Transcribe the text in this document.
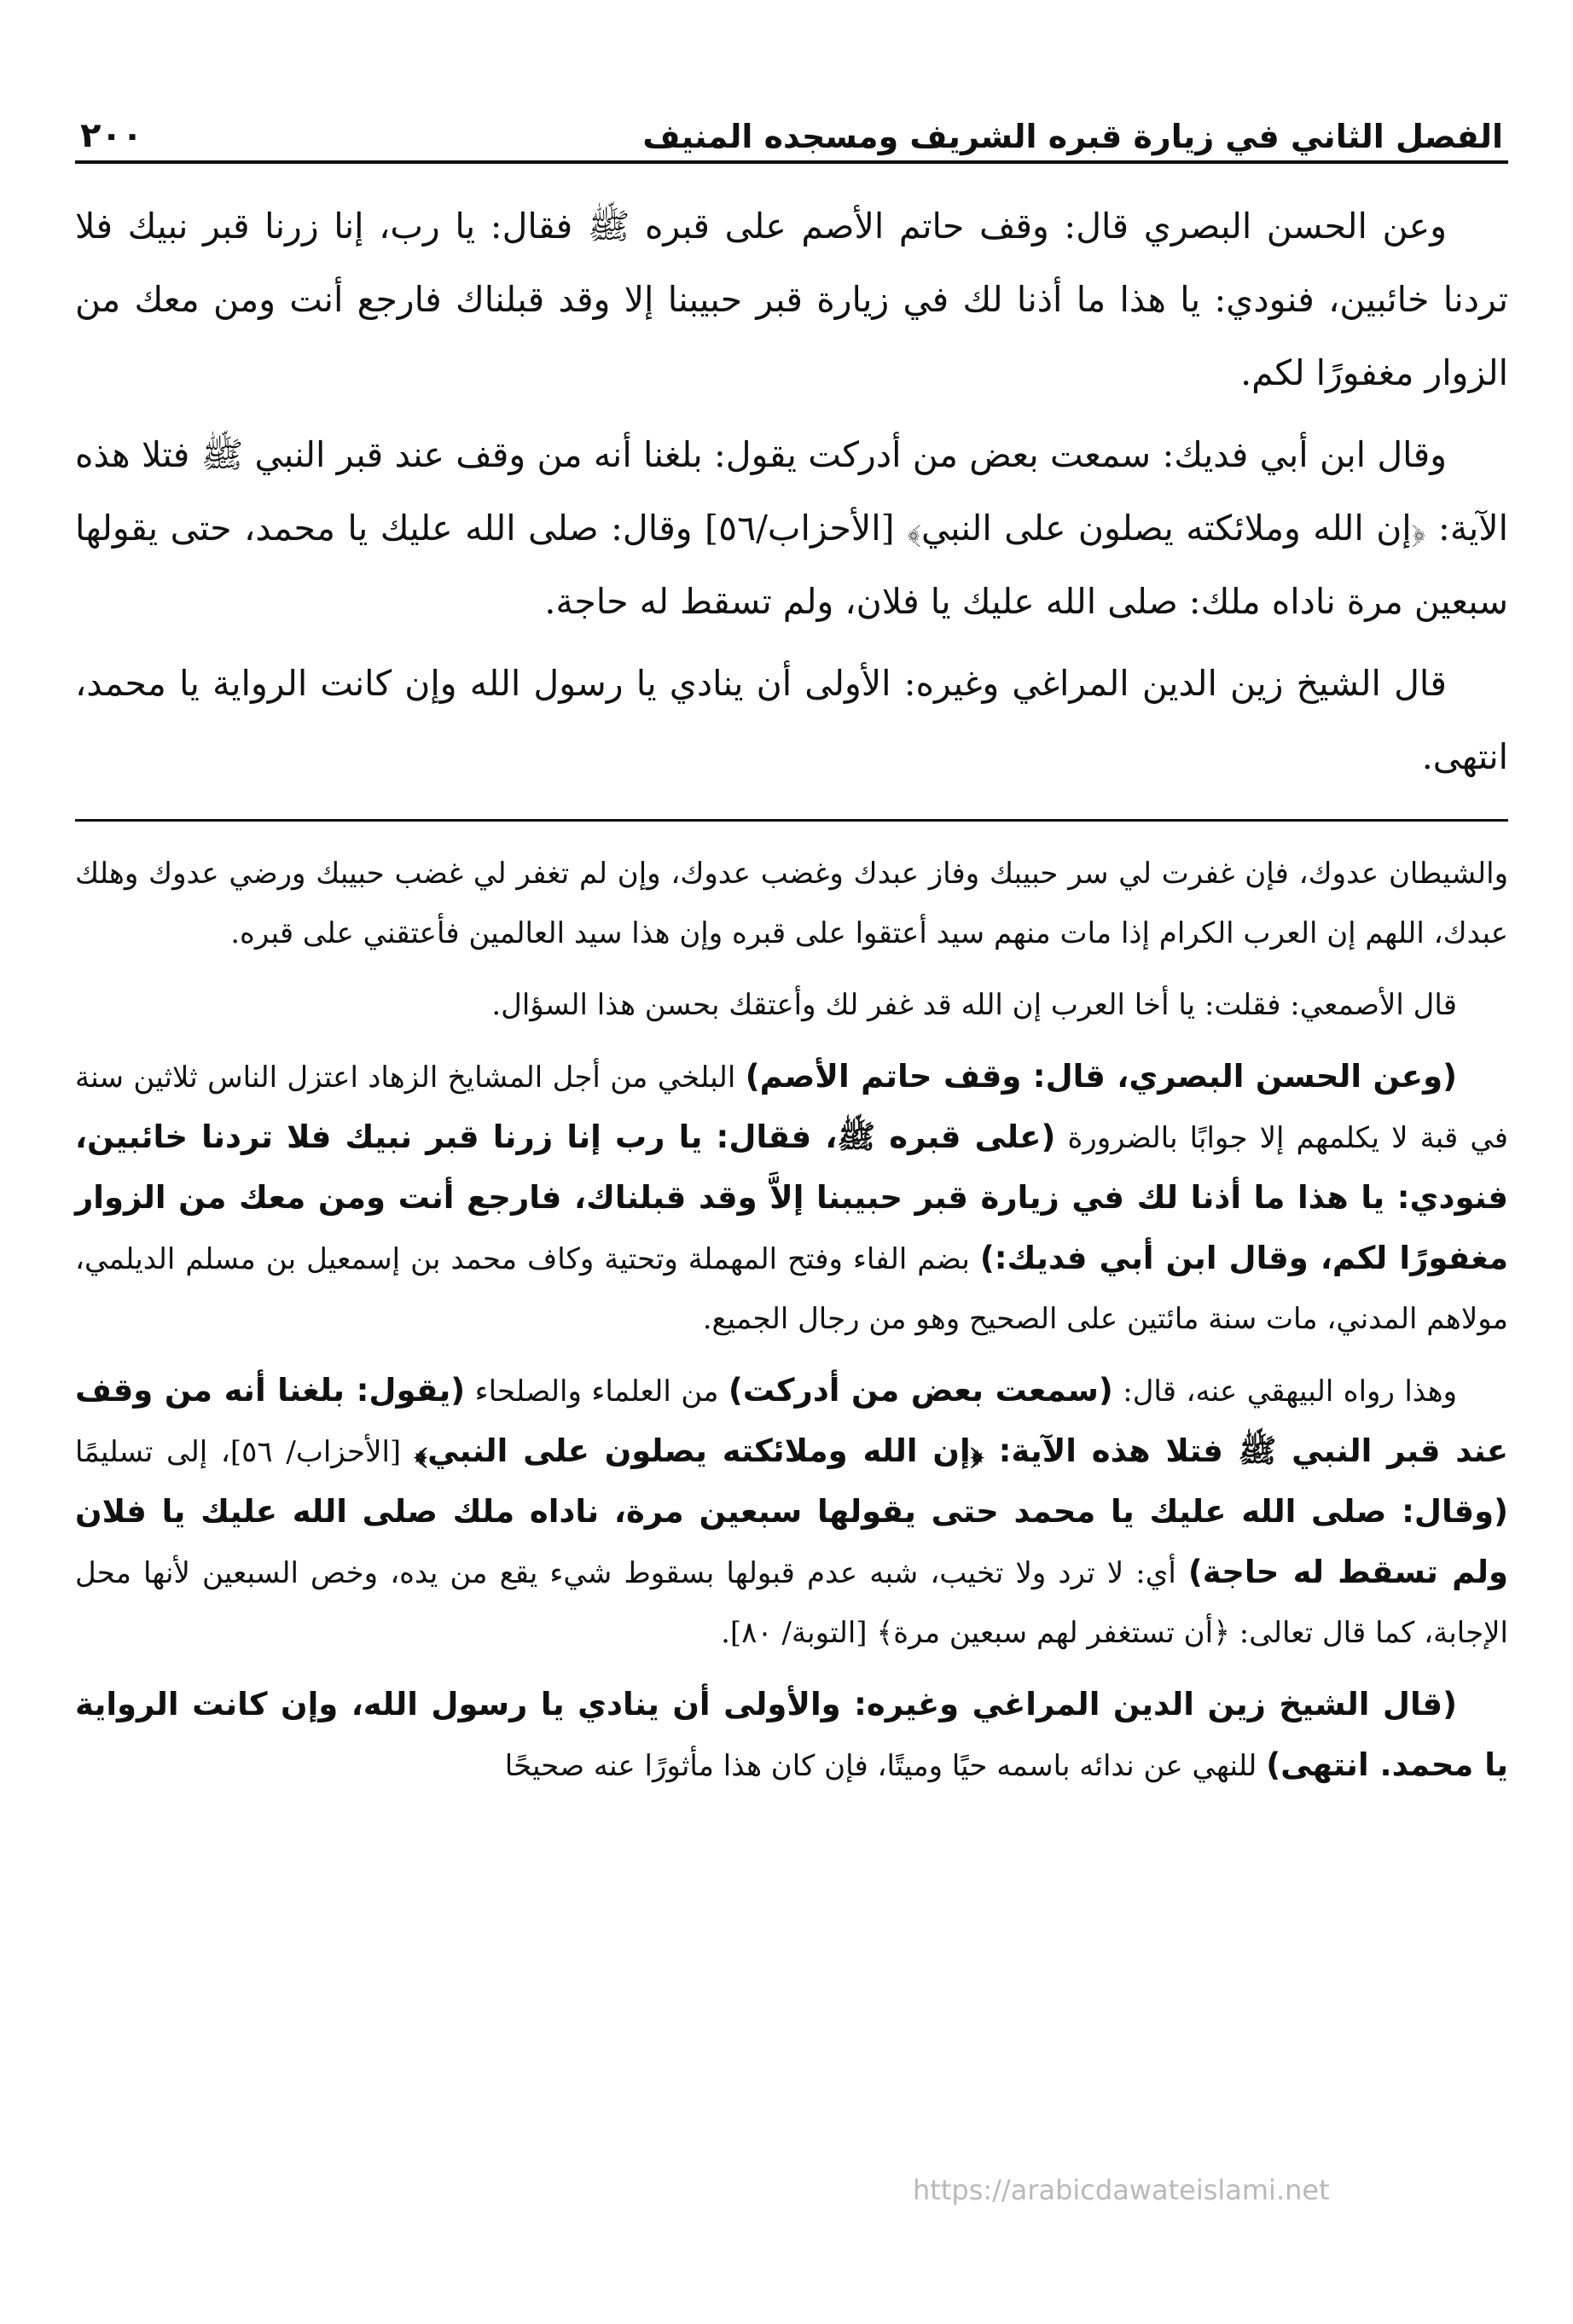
الفصل الثاني في زيارة قبره الشريف ومسجده المنيف
٢٠٠

وعن الحسن البصري قال: وقف حاتم الأصم على قبره ﷺ فقال: يا رب، إنا زرنا قبر نبيك فلا تردنا خائبين، فنودي: يا هذا ما أذنا لك في زيارة قبر حبيبنا إلا وقد قبلناك فارجع أنت ومن معك من الزوار مغفورًا لكم.

وقال ابن أبي فديك: سمعت بعض من أدركت يقول: بلغنا أنه من وقف عند قبر النبي ﷺ فتلا هذه الآية: ﴿إن الله وملائكته يصلون على النبي﴾ [الأحزاب/٥٦] وقال: صلى الله عليك يا محمد، حتى يقولها سبعين مرة ناداه ملك: صلى الله عليك يا فلان، ولم تسقط له حاجة.

قال الشيخ زين الدين المراغي وغيره: الأولى أن ينادي يا رسول الله وإن كانت الرواية يا محمد، انتهى.

والشيطان عدوك، فإن غفرت لي سر حبيبك وفاز عبدك وغضب عدوك، وإن لم تغفر لي غضب حبيبك ورضي عدوك وهلك عبدك، اللهم إن العرب الكرام إذا مات منهم سيد أعتقوا على قبره وإن هذا سيد العالمين فأعتقني على قبره.

قال الأصمعي: فقلت: يا أخا العرب إن الله قد غفر لك وأعتقك بحسن هذا السؤال.

(وعن الحسن البصري، قال: وقف حاتم الأصم) البلخي من أجل المشايخ الزهاد اعتزل الناس ثلاثين سنة في قبة لا يكلمهم إلا جوابًا بالضرورة (على قبره ﷺ، فقال: يا رب إنا زرنا قبر نبيك فلا تردنا خائبين، فنودي: يا هذا ما أذنا لك في زيارة قبر حبيبنا إلاَّ وقد قبلناك، فارجع أنت ومن معك من الزوار مغفورًا لكم، وقال ابن أبي فديك:) بضم الفاء وفتح المهملة وتحتية وكاف محمد بن إسمعيل بن مسلم الديلمي، مولاهم المدني، مات سنة مائتين على الصحيح وهو من رجال الجميع.

وهذا رواه البيهقي عنه، قال: (سمعت بعض من أدركت) من العلماء والصلحاء (يقول: بلغنا أنه من وقف عند قبر النبي ﷺ فتلا هذه الآية: ﴿إن الله وملائكته يصلون على النبي﴾ [الأحزاب/ ٥٦]، إلى تسليمًا (وقال: صلى الله عليك يا محمد حتى يقولها سبعين مرة، ناداه ملك صلى الله عليك يا فلان ولم تسقط له حاجة) أي: لا ترد ولا تخيب، شبه عدم قبولها بسقوط شيء يقع من يده، وخص السبعين لأنها محل الإجابة، كما قال تعالى: ﴿أن تستغفر لهم سبعين مرة﴾ [التوبة/ ٨٠].

(قال الشيخ زين الدين المراغي وغيره: والأولى أن ينادي يا رسول الله، وإن كانت الرواية يا محمد. انتهى) للنهي عن ندائه باسمه حيًا وميتًا، فإن كان هذا مأثورًا عنه صحيحًا

https://arabicdawateislami.net
